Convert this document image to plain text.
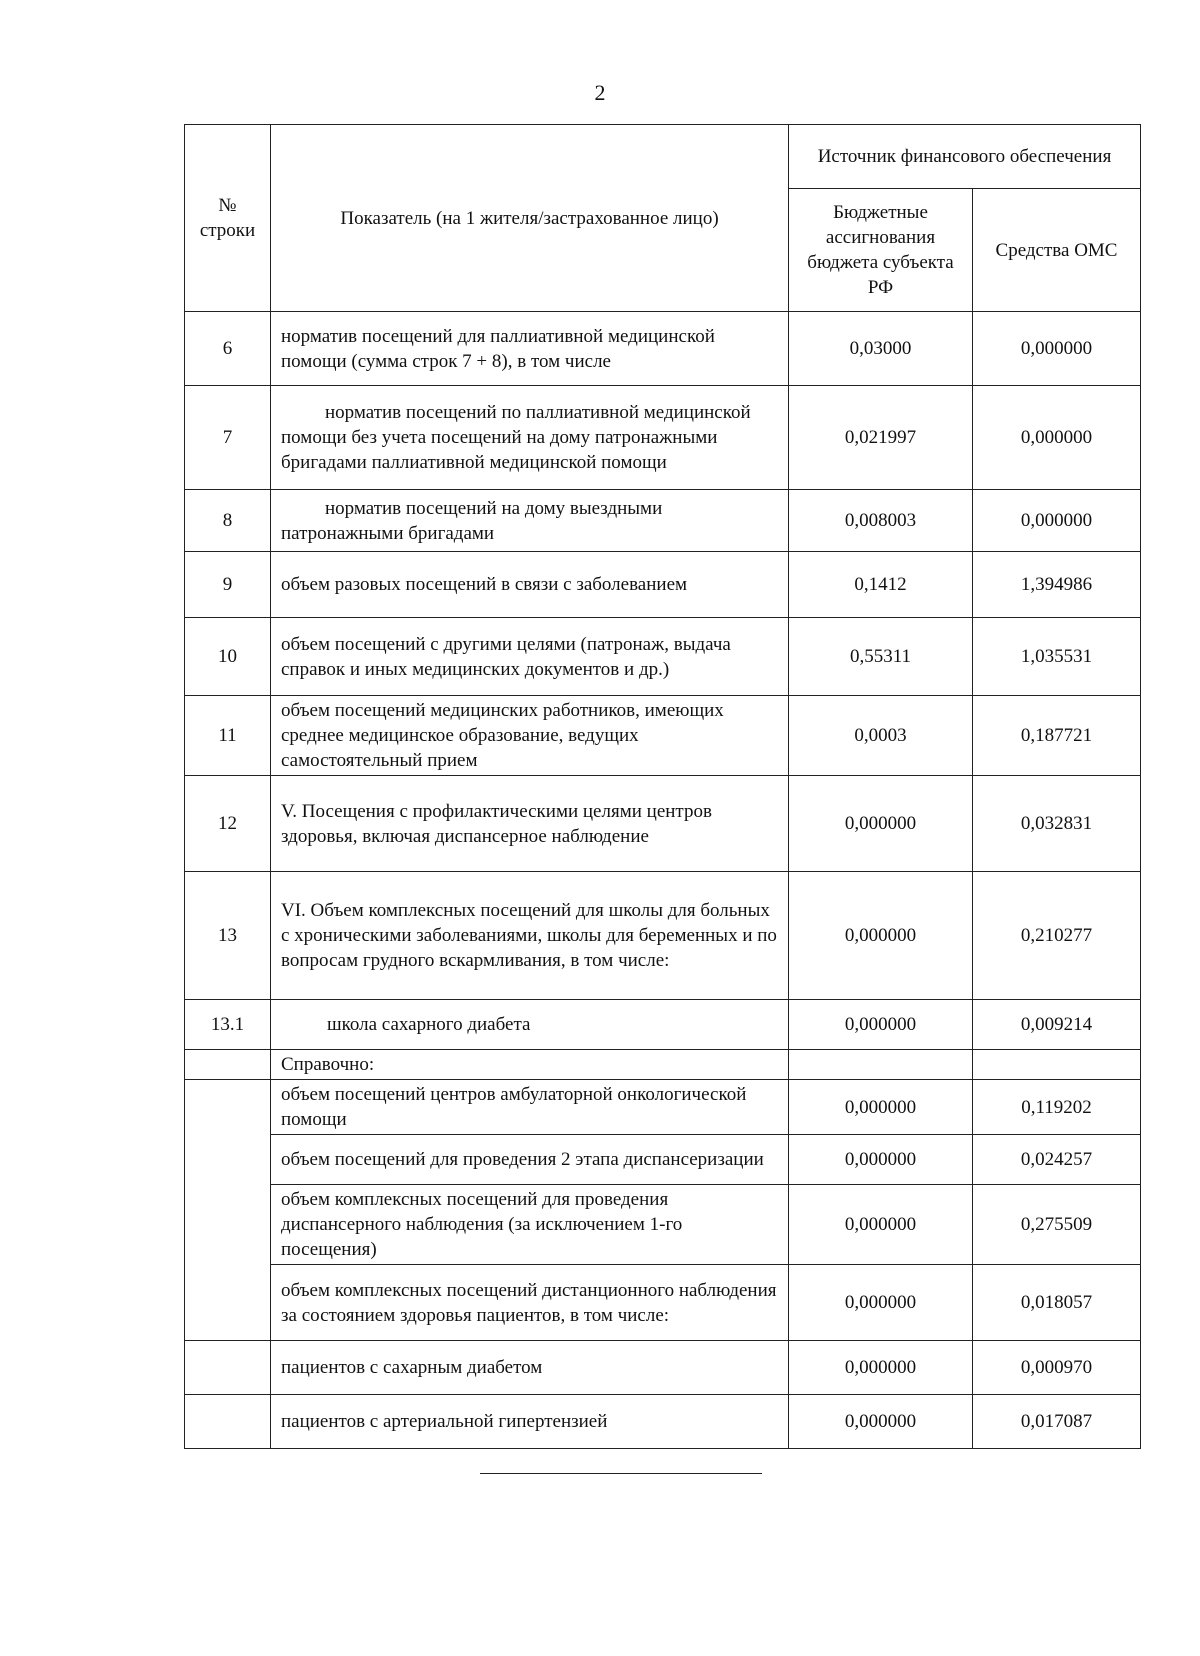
2
№ строки	Показатель (на 1 жителя/застрахованное лицо)	Источник финансового обеспечения	
		Бюджетные ассигнования бюджета субъекта РФ	Средства ОМС
6	норматив посещений для паллиативной медицинской помощи (сумма строк 7 + 8), в том числе	0,03000	0,000000
7	норматив посещений по паллиативной медицинской помощи без учета посещений на дому патронажными бригадами паллиативной медицинской помощи	0,021997	0,000000
8	норматив посещений на дому выездными патронажными бригадами	0,008003	0,000000
9	объем разовых посещений в связи с заболеванием	0,1412	1,394986
10	объем посещений с другими целями (патронаж, выдача справок и иных медицинских документов и др.)	0,55311	1,035531
11	объем посещений медицинских работников, имеющих среднее медицинское образование, ведущих самостоятельный прием	0,0003	0,187721
12	V. Посещения с профилактическими целями центров здоровья, включая диспансерное наблюдение	0,000000	0,032831
13	VI. Объем комплексных посещений для школы для больных с хроническими заболеваниями, школы для беременных и по вопросам грудного вскармливания, в том числе:	0,000000	0,210277
13.1	школа сахарного диабета	0,000000	0,009214
	Справочно:		
	объем посещений центров амбулаторной онкологической помощи	0,000000	0,119202
	объем посещений для проведения 2 этапа диспансеризации	0,000000	0,024257
	объем комплексных посещений для проведения диспансерного наблюдения (за исключением 1-го посещения)	0,000000	0,275509
	объем комплексных посещений дистанционного наблюдения за состоянием здоровья пациентов, в том числе:	0,000000	0,018057
	пациентов с сахарным диабетом	0,000000	0,000970
	пациентов с артериальной гипертензией	0,000000	0,017087
